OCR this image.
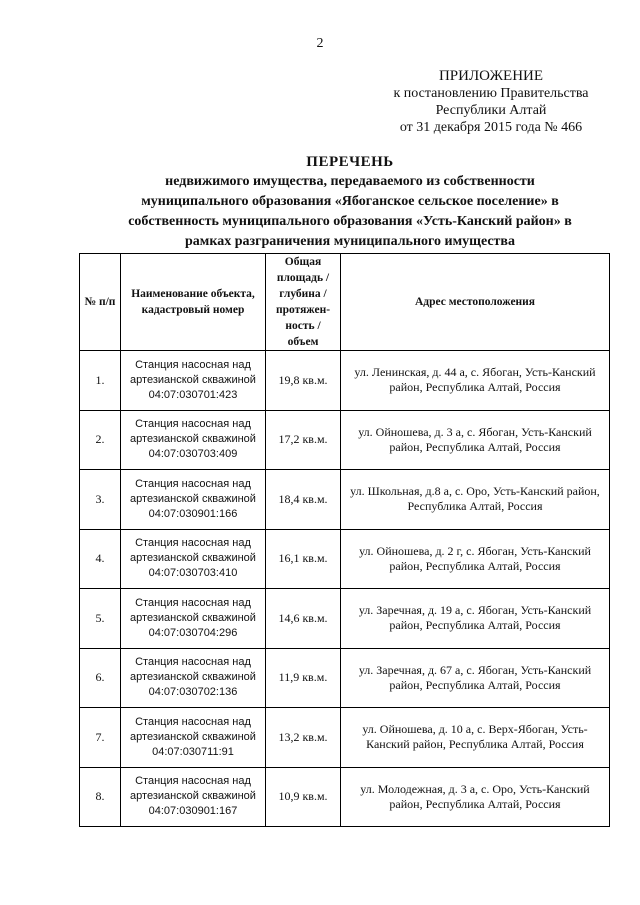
2
ПРИЛОЖЕНИЕ
к постановлению Правительства
Республики Алтай
от 31 декабря 2015 года № 466
ПЕРЕЧЕНЬ
недвижимого имущества, передаваемого из собственности
муниципального образования «Ябоганское сельское поселение» в
собственность муниципального образования «Усть-Канский район» в
рамках разграничения муниципального имущества
№ п/п	Наименование объекта, кадастровый номер	Общая площадь / глубина / протяжен-ность / объем	Адрес местоположения
1.	Станция насосная над артезианской скважиной 04:07:030701:423	19,8 кв.м.	ул. Ленинская, д. 44 а, с. Ябоган, Усть-Канский район, Республика Алтай, Россия
2.	Станция насосная над артезианской скважиной 04:07:030703:409	17,2 кв.м.	ул. Ойношева, д. 3 а, с. Ябоган, Усть-Канский район, Республика Алтай, Россия
3.	Станция насосная над артезианской скважиной 04:07:030901:166	18,4 кв.м.	ул. Школьная, д.8 а, с. Оро, Усть-Канский район, Республика Алтай, Россия
4.	Станция насосная над артезианской скважиной 04:07:030703:410	16,1 кв.м.	ул. Ойношева, д. 2 г, с. Ябоган, Усть-Канский район, Республика Алтай, Россия
5.	Станция насосная над артезианской скважиной 04:07:030704:296	14,6 кв.м.	ул. Заречная, д. 19 а, с. Ябоган, Усть-Канский район, Республика Алтай, Россия
6.	Станция насосная над артезианской скважиной 04:07:030702:136	11,9 кв.м.	ул. Заречная, д. 67 а, с. Ябоган, Усть-Канский район, Республика Алтай, Россия
7.	Станция насосная над артезианской скважиной 04:07:030711:91	13,2 кв.м.	ул. Ойношева, д. 10 а, с. Верх-Ябоган, Усть-Канский район, Республика Алтай, Россия
8.	Станция насосная над артезианской скважиной 04:07:030901:167	10,9 кв.м.	ул. Молодежная, д. 3 а, с. Оро, Усть-Канский район, Республика Алтай, Россия
